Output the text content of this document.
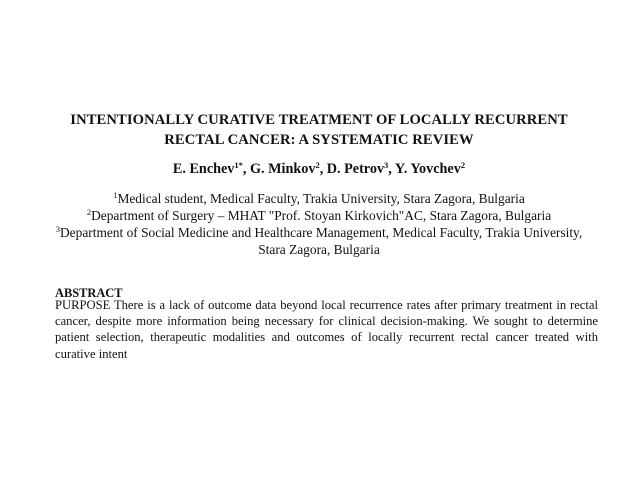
INTENTIONALLY CURATIVE TREATMENT OF LOCALLY RECURRENT
RECTAL CANCER: A SYSTEMATIC REVIEW
E. Enchev$^{1*}$, G. Minkov$^2$, D. Petrov$^3$, Y. Yovchev$^2$
$^1$Medical student, Medical Faculty, Trakia University, Stara Zagora, Bulgaria
$^2$Department of Surgery – MHAT "Prof. Stoyan Kirkovich"AC, Stara Zagora, Bulgaria
$^3$Department of Social Medicine and Healthcare Management, Medical Faculty, Trakia University,
Stara Zagora, Bulgaria
ABSTRACT
PURPOSE There is a lack of outcome data beyond local recurrence rates after primary treatment in rectal
cancer, despite more information being necessary for clinical decision-making. We sought to determine
patient selection, therapeutic modalities and outcomes of locally recurrent rectal cancer treated with
curative intent
